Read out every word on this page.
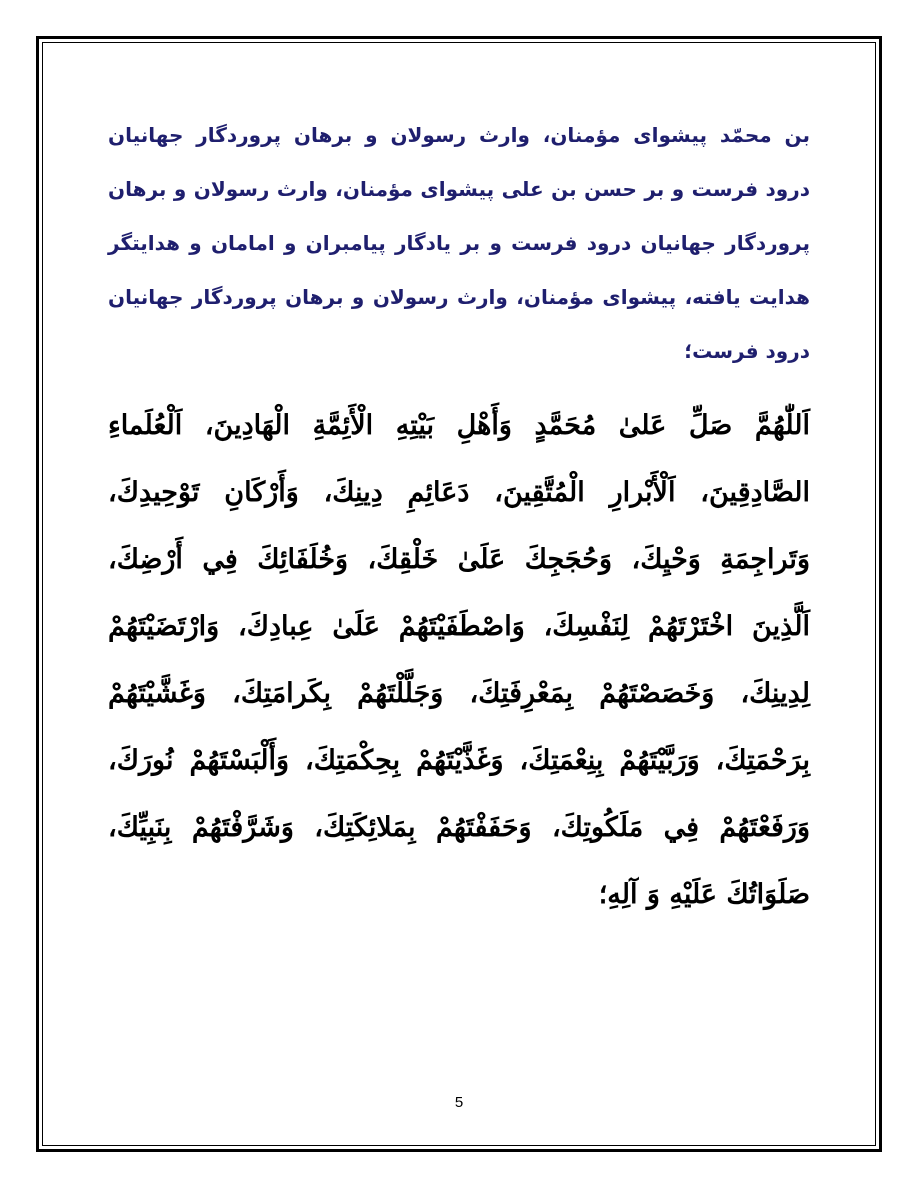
بن محمّد پیشوای مؤمنان، وارث رسولان و برهان پروردگار جهانیان
درود فرست و بر حسن بن علی پیشوای مؤمنان، وارث رسولان و برهان
پروردگار جهانیان درود فرست و بر یادگار پیامبران و امامان و هدایتگر
هدایت یافته، پیشوای مؤمنان، وارث رسولان و برهان پروردگار جهانیان
درود فرست؛
اَللّٰهُمَّ صَلِّ عَلىٰ مُحَمَّدٍ وَأَهْلِ بَيْتِهِ الْأَئِمَّةِ الْهَادِينَ، اَلْعُلَماءِ
الصَّادِقِينَ، اَلْأَبْرارِ الْمُتَّقِينَ، دَعَائِمِ دِينِكَ، وَأَرْكَانِ تَوْحِيدِكَ،
وَتَراجِمَةِ وَحْيِكَ، وَحُجَجِكَ عَلَىٰ خَلْقِكَ، وَخُلَفَائِكَ فِي أَرْضِكَ،
اَلَّذِينَ اخْتَرْتَهُمْ لِنَفْسِكَ، وَاصْطَفَيْتَهُمْ عَلَىٰ عِبادِكَ، وَارْتَضَيْتَهُمْ
لِدِينِكَ، وَخَصَصْتَهُمْ بِمَعْرِفَتِكَ، وَجَلَّلْتَهُمْ بِكَرامَتِكَ، وَغَشَّيْتَهُمْ
بِرَحْمَتِكَ، وَرَبَّيْتَهُمْ بِنِعْمَتِكَ، وَغَذَّيْتَهُمْ بِحِكْمَتِكَ، وَأَلْبَسْتَهُمْ نُورَكَ،
وَرَفَعْتَهُمْ فِي مَلَكُوتِكَ، وَحَفَفْتَهُمْ بِمَلائِكَتِكَ، وَشَرَّفْتَهُمْ بِنَبِيِّكَ،
صَلَوَاتُكَ عَلَيْهِ وَ آلِهِ؛
5
